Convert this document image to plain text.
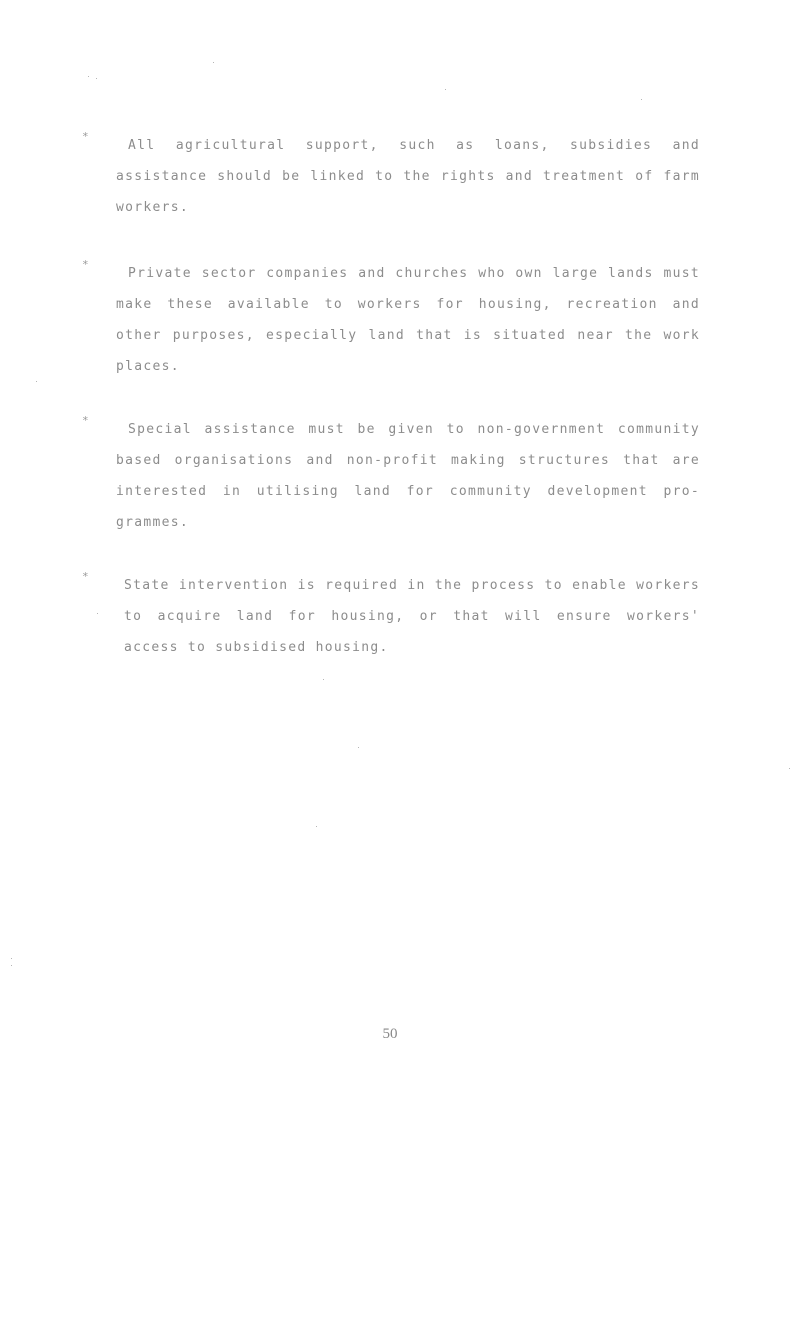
*
All agricultural support, such as loans, subsidies and assistance should be linked to the rights and treatment of farm workers.
*
Private sector companies and churches who own large lands must make these available to workers for housing, recreation and other purposes, especially land that is situated near the work places.
*
Special assistance must be given to non-government community based organisations and non-profit making structures that are interested in utilising land for community development pro-grammes.
*
State intervention is required in the process to enable workers to acquire land for housing, or that will ensure workers' access to subsidised housing.
50
